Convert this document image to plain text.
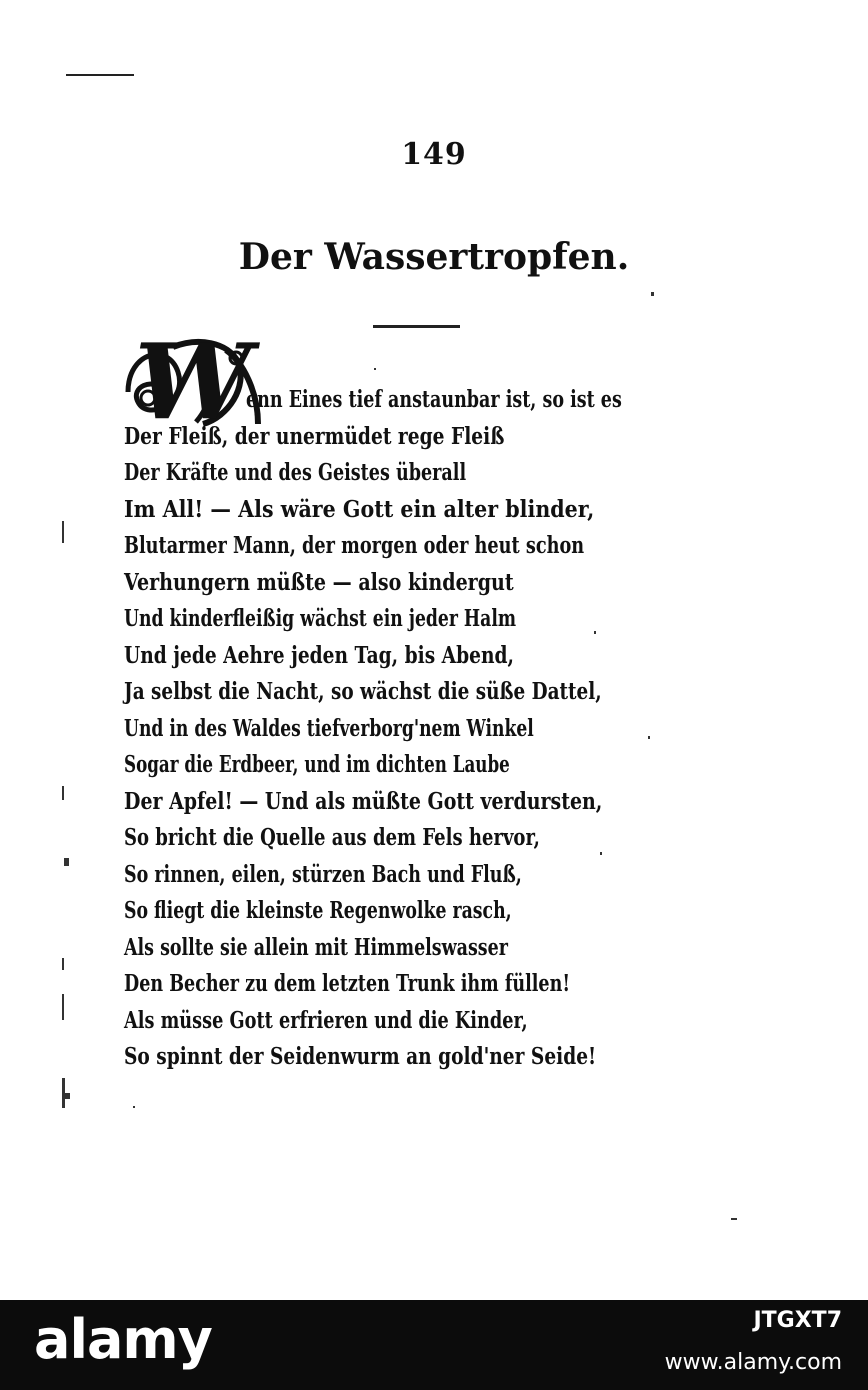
149
Der Wassertropfen.
W
enn Eines tief anstaunbar ist, so ist es
Der Fleiß, der unermüdet rege Fleiß
Der Kräfte und des Geistes überall
Im All! — Als wäre Gott ein alter blinder,
Blutarmer Mann, der morgen oder heut schon
Verhungern müßte — also kindergut
Und kinderfleißig wächst ein jeder Halm
Und jede Aehre jeden Tag, bis Abend,
Ja selbst die Nacht, so wächst die süße Dattel,
Und in des Waldes tiefverborg'nem Winkel
Sogar die Erdbeer, und im dichten Laube
Der Apfel! — Und als müßte Gott verdursten,
So bricht die Quelle aus dem Fels hervor,
So rinnen, eilen, stürzen Bach und Fluß,
So fliegt die kleinste Regenwolke rasch,
Als sollte sie allein mit Himmelswasser
Den Becher zu dem letzten Trunk ihm füllen!
Als müsse Gott erfrieren und die Kinder,
So spinnt der Seidenwurm an gold'ner Seide!
alamy	JTGXT7
www.alamy.com
